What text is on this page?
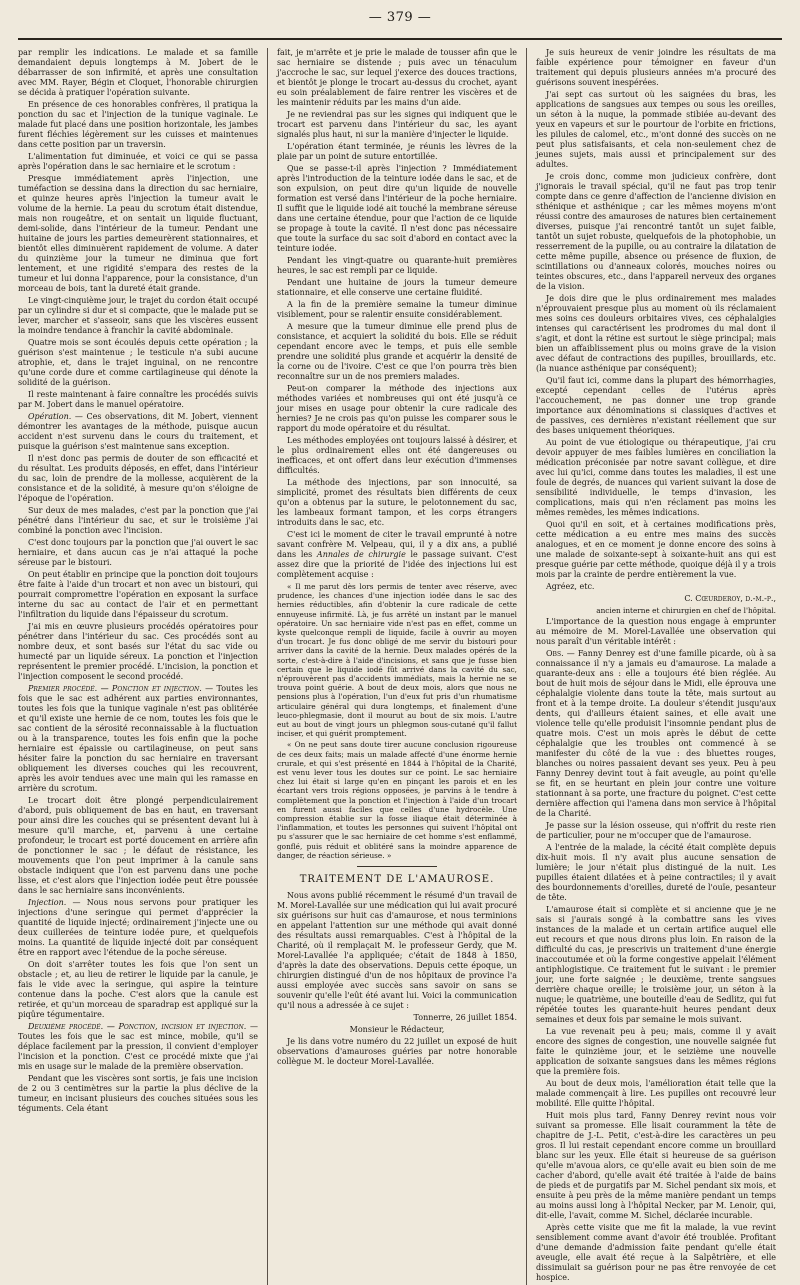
— 379 —

par remplir les indications. Le malade et sa famille demandaient depuis longtemps à M. Jobert de le débarrasser de son infirmité, et après une consultation avec MM. Rayer, Bégin et Cloquet, l'honorable chirurgien se décida à pratiquer l'opération suivante.

En présence de ces honorables confrères, il pratiqua la ponction du sac et l'injection de la tunique vaginale. Le malade fut placé dans une position horizontale, les jambes furent fléchies légèrement sur les cuisses et maintenues dans cette position par un traversin.

L'alimentation fut diminuée, et voici ce qui se passa après l'opération dans le sac herniaire et le scrotum :

Presque immédiatement après l'injection, une tuméfaction se dessina dans la direction du sac herniaire, et quinze heures après l'injection la tumeur avait le volume de la hernie. La peau du scrotum était distendue, mais non rougeâtre, et on sentait un liquide fluctuant, demi-solide, dans l'intérieur de la tumeur. Pendant une huitaine de jours les parties demeurèrent stationnaires, et bientôt elles diminuèrent rapidement de volume. A dater du quinzième jour la tumeur ne diminua que fort lentement, et une rigidité s'empara des restes de la tumeur et lui donna l'apparence, pour la consistance, d'un morceau de bois, tant la dureté était grande.

Le vingt-cinquième jour, le trajet du cordon était occupé par un cylindre si dur et si compacte, que le malade put se lever, marcher et s'asseoir, sans que les viscères eussent la moindre tendance à franchir la cavité abdominale.

Quatre mois se sont écoulés depuis cette opération ; la guérison s'est maintenue ; le testicule n'a subi aucune atrophie, et, dans le trajet inguinal, on ne rencontre qu'une corde dure et comme cartilagineuse qui dénote la solidité de la guérison.

Il reste maintenant à faire connaître les procédés suivis par M. Jobert dans le manuel opératoire.

Opération. — Ces observations, dit M. Jobert, viennent démontrer les avantages de la méthode, puisque aucun accident n'est survenu dans le cours du traitement, et puisque la guérison s'est maintenue sans exception.

Il n'est donc pas permis de douter de son efficacité et du résultat. Les produits déposés, en effet, dans l'intérieur du sac, loin de prendre de la mollesse, acquièrent de la consistance et de la solidité, à mesure qu'on s'éloigne de l'époque de l'opération.

Sur deux de mes malades, c'est par la ponction que j'ai pénétré dans l'intérieur du sac, et sur le troisième j'ai combiné la ponction avec l'incision.

C'est donc toujours par la ponction que j'ai ouvert le sac herniaire, et dans aucun cas je n'ai attaqué la poche séreuse par le bistouri.

On peut établir en principe que la ponction doit toujours être faite à l'aide d'un trocart et non avec un bistouri, qui pourrait compromettre l'opération en exposant la surface interne du sac au contact de l'air et en permettant l'infiltration du liquide dans l'épaisseur du scrotum.

J'ai mis en œuvre plusieurs procédés opératoires pour pénétrer dans l'intérieur du sac. Ces procédés sont au nombre deux, et sont basés sur l'état du sac vide ou humecté par un liquide séreux. La ponction et l'injection représentent le premier procédé. L'incision, la ponction et l'injection composent le second procédé.

Premier procédé. — Ponction et injection. — Toutes les fois que le sac est adhérent aux parties environnantes, toutes les fois que la tunique vaginale n'est pas oblitérée et qu'il existe une hernie de ce nom, toutes les fois que le sac contient de la sérosité reconnaissable à la fluctuation ou à la transparence, toutes les fois enfin que la poche herniaire est épaissie ou cartilagineuse, on peut sans hésiter faire la ponction du sac herniaire en traversant obliquement les diverses couches qui les recouvrent, après les avoir tendues avec une main qui les ramasse en arrière du scrotum.

Le trocart doit être plongé perpendiculairement d'abord, puis obliquement de bas en haut, en traversant pour ainsi dire les couches qui se présentent devant lui à mesure qu'il marche, et, parvenu à une certaine profondeur, le trocart est porté doucement en arrière afin de ponctionner le sac ; le défaut de résistance, les mouvements que l'on peut imprimer à la canule sans obstacle indiquent que l'on est parvenu dans une poche lisse, et c'est alors que l'injection iodée peut être poussée dans le sac herniaire sans inconvénients.

Injection. — Nous nous servons pour pratiquer les injections d'une seringue qui permet d'apprécier la quantité de liquide injecté; ordinairement j'injecte une ou deux cuillerées de teinture iodée pure, et quelquefois moins. La quantité de liquide injecté doit par conséquent être en rapport avec l'étendue de la poche séreuse.

On doit s'arrêter toutes les fois que l'on sent un obstacle ; et, au lieu de retirer le liquide par la canule, je fais le vide avec la seringue, qui aspire la teinture contenue dans la poche. C'est alors que la canule est retirée, et qu'un morceau de sparadrap est appliqué sur la piqûre tégumentaire.

Deuxième procédé. — Ponction, incision et injection. — Toutes les fois que le sac est mince, mobile, qu'il se déplace facilement par la pression, il convient d'employer l'incision et la ponction. C'est ce procédé mixte que j'ai mis en usage sur le malade de la première observation.

Pendant que les viscères sont sortis, je fais une incision de 2 ou 3 centimètres sur la partie la plus déclive de la tumeur, en incisant plusieurs des couches situées sous les téguments. Cela étant

fait, je m'arrête et je prie le malade de tousser afin que le sac herniaire se distende ; puis avec un ténaculum j'accroche le sac, sur lequel j'exerce des douces tractions, et bientôt je plonge le trocart au-dessus du crochet, ayant eu soin préalablement de faire rentrer les viscères et de les maintenir réduits par les mains d'un aide.

Je ne reviendrai pas sur les signes qui indiquent que le trocart est parvenu dans l'intérieur du sac, les ayant signalés plus haut, ni sur la manière d'injecter le liquide.

L'opération étant terminée, je réunis les lèvres de la plaie par un point de suture entortillée.

Que se passe-t-il après l'injection ? Immédiatement après l'introduction de la teinture iodée dans le sac, et de son expulsion, on peut dire qu'un liquide de nouvelle formation est versé dans l'intérieur de la poche herniaire. Il suffit que le liquide iodé ait touché la membrane séreuse dans une certaine étendue, pour que l'action de ce liquide se propage à toute la cavité. Il n'est donc pas nécessaire que toute la surface du sac soit d'abord en contact avec la teinture iodée.

Pendant les vingt-quatre ou quarante-huit premières heures, le sac est rempli par ce liquide.

Pendant une huitaine de jours la tumeur demeure stationnaire, et elle conserve une certaine fluidité.

A la fin de la première semaine la tumeur diminue visiblement, pour se ralentir ensuite considérablement.

A mesure que la tumeur diminue elle prend plus de consistance, et acquiert la solidité du bois. Elle se réduit cependant encore avec le temps, et puis elle semble prendre une solidité plus grande et acquérir la densité de la corne ou de l'ivoire. C'est ce que l'on pourra très bien reconnaître sur un de nos premiers malades.

Peut-on comparer la méthode des injections aux méthodes variées et nombreuses qui ont été jusqu'à ce jour mises en usage pour obtenir la cure radicale des hernies? Je ne crois pas qu'on puisse les comparer sous le rapport du mode opératoire et du résultat.

Les méthodes employées ont toujours laissé à désirer, et le plus ordinairement elles ont été dangereuses ou inefficaces, et ont offert dans leur exécution d'immenses difficultés.

La méthode des injections, par son innocuité, sa simplicité, promet des résultats bien différents de ceux qu'on a obtenus par la suture, le pelotonnement du sac, les lambeaux formant tampon, et les corps étrangers introduits dans le sac, etc.

C'est ici le moment de citer le travail emprunté à notre savant confrère M. Velpeau, qui, il y a dix ans, a publié dans les Annales de chirurgie le passage suivant. C'est assez dire que la priorité de l'idée des injections lui est complètement acquise :

« Il me parut dès lors permis de tenter avec réserve, avec prudence, les chances d'une injection iodée dans le sac des hernies réductibles, afin d'obtenir la cure radicale de cette ennuyeuse infirmité. Là, je fus arrêté un instant par le manuel opératoire. Un sac herniaire vide n'est pas en effet, comme un kyste quelconque rempli de liquide, facile à ouvrir au moyen d'un trocart. Je fus donc obligé de me servir du bistouri pour arriver dans la cavité de la hernie. Deux malades opérés de la sorte, c'est-à-dire à l'aide d'incisions, et sans que je fusse bien certain que le liquide iodé fût arrivé dans la cavité du sac, n'éprouvèrent pas d'accidents immédiats, mais la hernie ne se trouva point guérie. A bout de deux mois, alors que nous ne pensions plus à l'opération, l'un d'eux fut pris d'un rhumatisme articulaire général qui dura longtemps, et finalement d'une leuco-phlegmasie, dont il mourut au bout de six mois. L'autre eut au bout de vingt jours un phlegmon sous-cutané qu'il fallut inciser, et qui guérit promptement.

« On ne peut sans doute tirer aucune conclusion rigoureuse de ces deux faits; mais un malade affecté d'une énorme hernie crurale, et qui s'est présenté en 1844 à l'hôpital de la Charité, est venu lever tous les doutes sur ce point. Le sac herniaire chez lui était si large qu'en en pinçant les parois et en les écartant vers trois régions opposées, je parvins à le tendre à complètement que la ponction et l'injection à l'aide d'un trocart en furent aussi faciles que celles d'une hydrocèle. Une compression établie sur la fosse iliaque était déterminée à l'inflammation, et toutes les personnes qui suivent l'hôpital ont pu s'assurer que le sac herniaire de cet homme s'est enflammé, gonflé, puis réduit et oblitéré sans la moindre apparence de danger, de réaction sérieuse. »

TRAITEMENT DE L'AMAUROSE.

Nous avons publié récemment le résumé d'un travail de M. Morel-Lavallée sur une médication qui lui avait procuré six guérisons sur huit cas d'amaurose, et nous terminions en appelant l'attention sur une méthode qui avait donné des résultats aussi remarquables. C'est à l'hôpital de la Charité, où il remplaçait M. le professeur Gerdy, que M. Morel-Lavallée l'a appliquée; c'était de 1848 à 1850, d'après la date des observations. Depuis cette époque, un chirurgien distingué d'un de nos hôpitaux de province l'a aussi employée avec succès sans savoir on sans se souvenir qu'elle l'eût été avant lui. Voici la communication qu'il nous a adressée à ce sujet :

Tonnerre, 26 juillet 1854.

Monsieur le Rédacteur,

Je lis dans votre numéro du 22 juillet un exposé de huit observations d'amauroses guéries par notre honorable collègue M. le docteur Morel-Lavallée.

Je suis heureux de venir joindre les résultats de ma faible expérience pour témoigner en faveur d'un traitement qui depuis plusieurs années m'a procuré des guérisons souvent inespérées.

J'ai sept cas surtout où les saignées du bras, les applications de sangsues aux tempes ou sous les oreilles, un séton à la nuque, la pommade stibiée au-devant des yeux en vapeurs et sur le pourtour de l'orbite en frictions, les pilules de calomel, etc., m'ont donné des succès on ne peut plus satisfaisants, et cela non-seulement chez de jeunes sujets, mais aussi et principalement sur des adultes.

Je crois donc, comme mon judicieux confrère, dont j'ignorais le travail spécial, qu'il ne faut pas trop tenir compte dans ce genre d'affection de l'ancienne division en sthénique et asthénique ; car les mêmes moyens m'ont réussi contre des amauroses de natures bien certainement diverses, puisque j'ai rencontré tantôt un sujet faible, tantôt un sujet robuste, quelquefois de la photophobie, un resserrement de la pupille, ou au contraire la dilatation de cette même pupille, absence ou présence de fluxion, de scintillations ou d'anneaux colorés, mouches noires ou teintes obscures, etc., dans l'appareil nerveux des organes de la vision.

Je dois dire que le plus ordinairement mes malades n'éprouvaient presque plus au moment où ils réclamaient mes soins ces douleurs orbitaires vives, ces céphalalgies intenses qui caractérisent les prodromes du mal dont il s'agit, et dont la rétine est surtout le siège principal; mais bien un affaiblissement plus ou moins grave de la vision avec défaut de contractions des pupilles, brouillards, etc. (la nuance asthénique par conséquent);

Qu'il faut ici, comme dans la plupart des hémorrhagies, excepté cependant celles de l'utérus après l'accouchement, ne pas donner une trop grande importance aux dénominations si classiques d'actives et de passives, ces dernières n'existant réellement que sur des bases uniquement théoriques.

Au point de vue étiologique ou thérapeutique, j'ai cru devoir appuyer de mes faibles lumières en conciliation la médication préconisée par notre savant collègue, et dire avec lui qu'ici, comme dans toutes les maladies, il est une foule de degrés, de nuances qui varient suivant la dose de sensibilité individuelle, le temps d'invasion, les complications, mais qui n'en réclament pas moins les mêmes remèdes, les mêmes indications.

Quoi qu'il en soit, et à certaines modifications près, cette médication a eu entre mes mains des succès analogues, et en ce moment je donne encore des soins à une malade de soixante-sept à soixante-huit ans qui est presque guérie par cette méthode, quoique déjà il y a trois mois par la crainte de perdre entièrement la vue.

Agréez, etc.

C. Cœurderoy, d.-m.-p.,

ancien interne et chirurgien en chef de l'hôpital.

L'importance de la question nous engage à emprunter au mémoire de M. Morel-Lavallée une observation qui nous paraît d'un véritable intérêt :

Obs. — Fanny Denrey est d'une famille picarde, où à sa connaissance il n'y a jamais eu d'amaurose. La malade a quarante-deux ans : elle a toujours été bien réglée. Au bout de huit mois de séjour dans le Midi, elle éprouva une céphalalgie violente dans toute la tête, mais surtout au front et à la tempe droite. La douleur s'étendit jusqu'aux dents, qui d'ailleurs étaient saines, et elle avait une violence telle qu'elle produisit l'insomnie pendant plus de quatre mois. C'est un mois après le début de cette céphalalgie que les troubles ont commencé à se manifester du côté de la vue : des bluettes rouges, blanches ou noires passaient devant ses yeux. Peu à peu Fanny Denrey devint tout à fait aveugle, au point qu'elle se fit, en se heurtant en plein jour contre une voiture stationnant à sa porte, une fracture du poignet. C'est cette dernière affection qui l'amena dans mon service à l'hôpital de la Charité.

Je passe sur la lésion osseuse, qui n'offrit du reste rien de particulier, pour ne m'occuper que de l'amaurose.

A l'entrée de la malade, la cécité était complète depuis dix-huit mois. Il n'y avait plus aucune sensation de lumière; le jour n'était plus distingué de la nuit. Les pupilles étaient dilatées et à peine contractiles; il y avait des bourdonnements d'oreilles, dureté de l'ouïe, pesanteur de tête.

L'amaurose était si complète et si ancienne que je ne sais si j'aurais songé à la combattre sans les vives instances de la malade et un certain artifice auquel elle eut recours et que nous dirons plus loin. En raison de la difficulté du cas, je prescrivis un traitement d'une énergie inaccoutumée et où la forme congestive appelait l'élément antiphlogistique. Ce traitement fut le suivant : le premier jour, une forte saignée ; le deuxième, trente sangsues derrière chaque oreille; le troisième jour, un séton à la nuque; le quatrième, une bouteille d'eau de Sedlitz, qui fut répétée toutes les quarante-huit heures pendant deux semaines et deux fois par semaine le mois suivant.

La vue revenait peu à peu; mais, comme il y avait encore des signes de congestion, une nouvelle saignée fut faite le quinzième jour, et le seizième une nouvelle application de soixante sangsues dans les mêmes régions que la première fois.

Au bout de deux mois, l'amélioration était telle que la malade commençait à lire. Les pupilles ont recouvré leur mobilité. Elle quitte l'hôpital.

Huit mois plus tard, Fanny Denrey revint nous voir suivant sa promesse. Elle lisait couramment la tête de chapitre de J.-L. Petit, c'est-à-dire les caractères un peu gros. Il lui restait cependant encore comme un brouillard blanc sur les yeux. Elle était si heureuse de sa guérison qu'elle m'avoua alors, ce qu'elle avait eu bien soin de me cacher d'abord, qu'elle avait été traitée à l'aide de bains de pieds et de purgatifs par M. Sichel pendant six mois, et ensuite à peu près de la même manière pendant un temps au moins aussi long à l'hôpital Necker, par M. Lenoir, qui, dit-elle, l'avait, comme M. Sichel, déclarée incurable.

Après cette visite que me fit la malade, la vue revint sensiblement comme avant d'avoir été troublée. Profitant d'une demande d'admission faite pendant qu'elle était aveugle, elle avait été reçue à la Salpêtrière, et elle dissimulait sa guérison pour ne pas être renvoyée de cet hospice.
